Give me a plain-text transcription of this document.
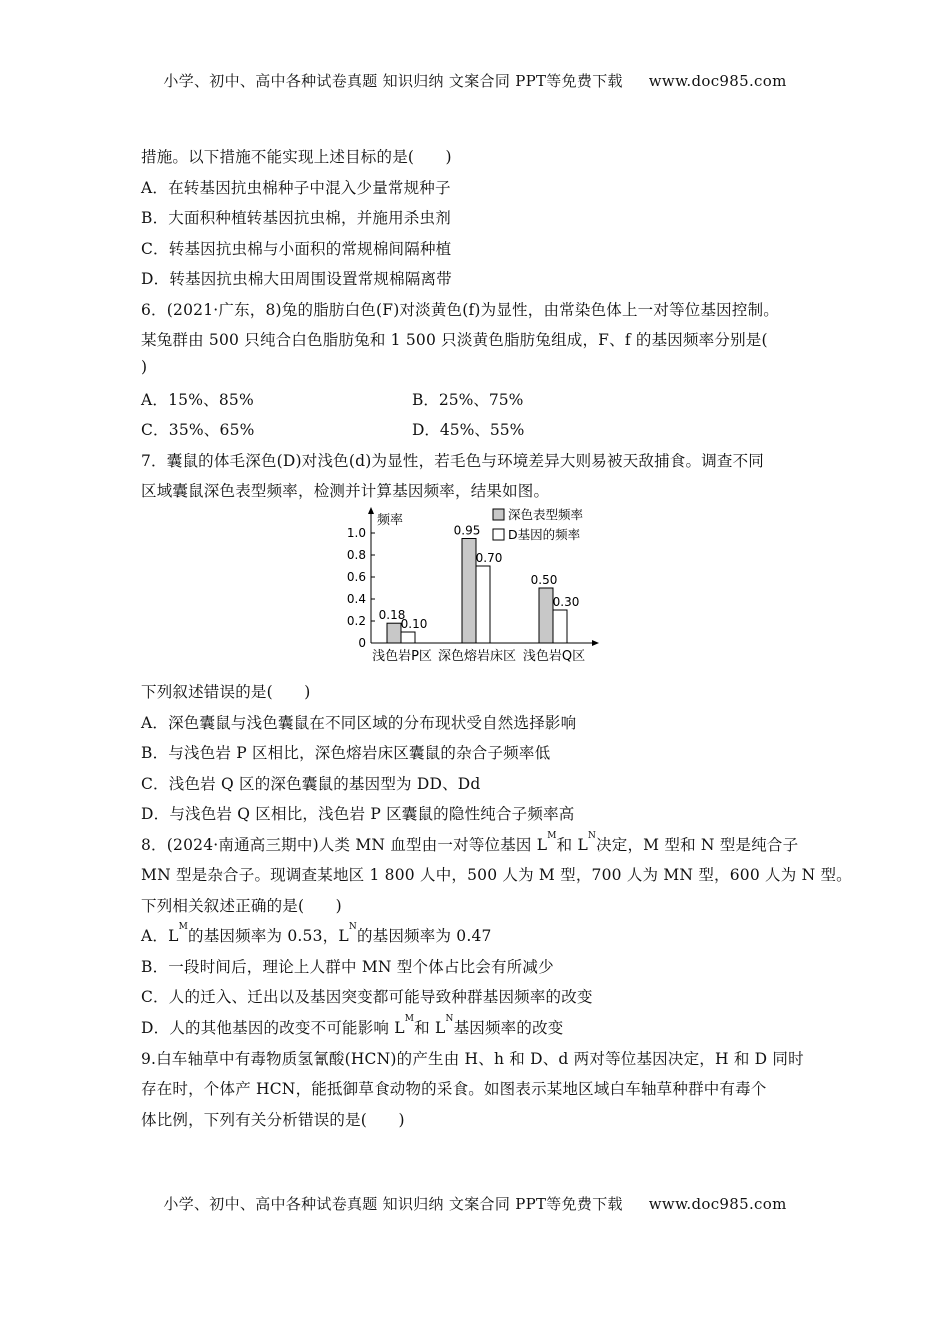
小学、初中、高中各种试卷真题 知识归纳 文案合同 PPT等免费下载 www.doc985.com
措施。以下措施不能实现上述目标的是(　　)
A．在转基因抗虫棉种子中混入少量常规种子
B．大面积种植转基因抗虫棉，并施用杀虫剂
C．转基因抗虫棉与小面积的常规棉间隔种植
D．转基因抗虫棉大田周围设置常规棉隔离带
6．(2021·广东，8)兔的脂肪白色(F)对淡黄色(f)为显性，由常染色体上一对等位基因控制。
某兔群由 500 只纯合白色脂肪兔和 1 500 只淡黄色脂肪兔组成，F、f 的基因频率分别是(
)
A．15%、85%	B．25%、75%
C．35%、65%	D．45%、55%
7．囊鼠的体毛深色(D)对浅色(d)为显性，若毛色与环境差异大则易被天敌捕食。调查不同
区域囊鼠深色表型频率，检测并计算基因频率，结果如图。
频率
1.0
0.8
0.6
0.4
0.2
0
0.18
0.10
浅色岩P区
0.95
0.70
深色熔岩床区
0.50
0.30
浅色岩Q区
深色表型频率
D基因的频率
下列叙述错误的是(　　)
A．深色囊鼠与浅色囊鼠在不同区域的分布现状受自然选择影响
B．与浅色岩 P 区相比，深色熔岩床区囊鼠的杂合子频率低
C．浅色岩 Q 区的深色囊鼠的基因型为 DD、Dd
D．与浅色岩 Q 区相比，浅色岩 P 区囊鼠的隐性纯合子频率高
8．(2024·南通高三期中)人类 MN 血型由一对等位基因 $L^M$和 $L^N$决定，M 型和 N 型是纯合子
MN 型是杂合子。现调查某地区 1 800 人中，500 人为 M 型，700 人为 MN 型，600 人为 N 型。
下列相关叙述正确的是(　　)
A．$L^M$的基因频率为 0.53，$L^N$的基因频率为 0.47
B．一段时间后，理论上人群中 MN 型个体占比会有所减少
C．人的迁入、迁出以及基因突变都可能导致种群基因频率的改变
D．人的其他基因的改变不可能影响 $L^M$和 $L^N$基因频率的改变
9.白车轴草中有毒物质氢氰酸(HCN)的产生由 H、h 和 D、d 两对等位基因决定，H 和 D 同时
存在时，个体产 HCN，能抵御草食动物的采食。如图表示某地区域白车轴草种群中有毒个
体比例，下列有关分析错误的是(　　)
小学、初中、高中各种试卷真题 知识归纳 文案合同 PPT等免费下载 www.doc985.com
